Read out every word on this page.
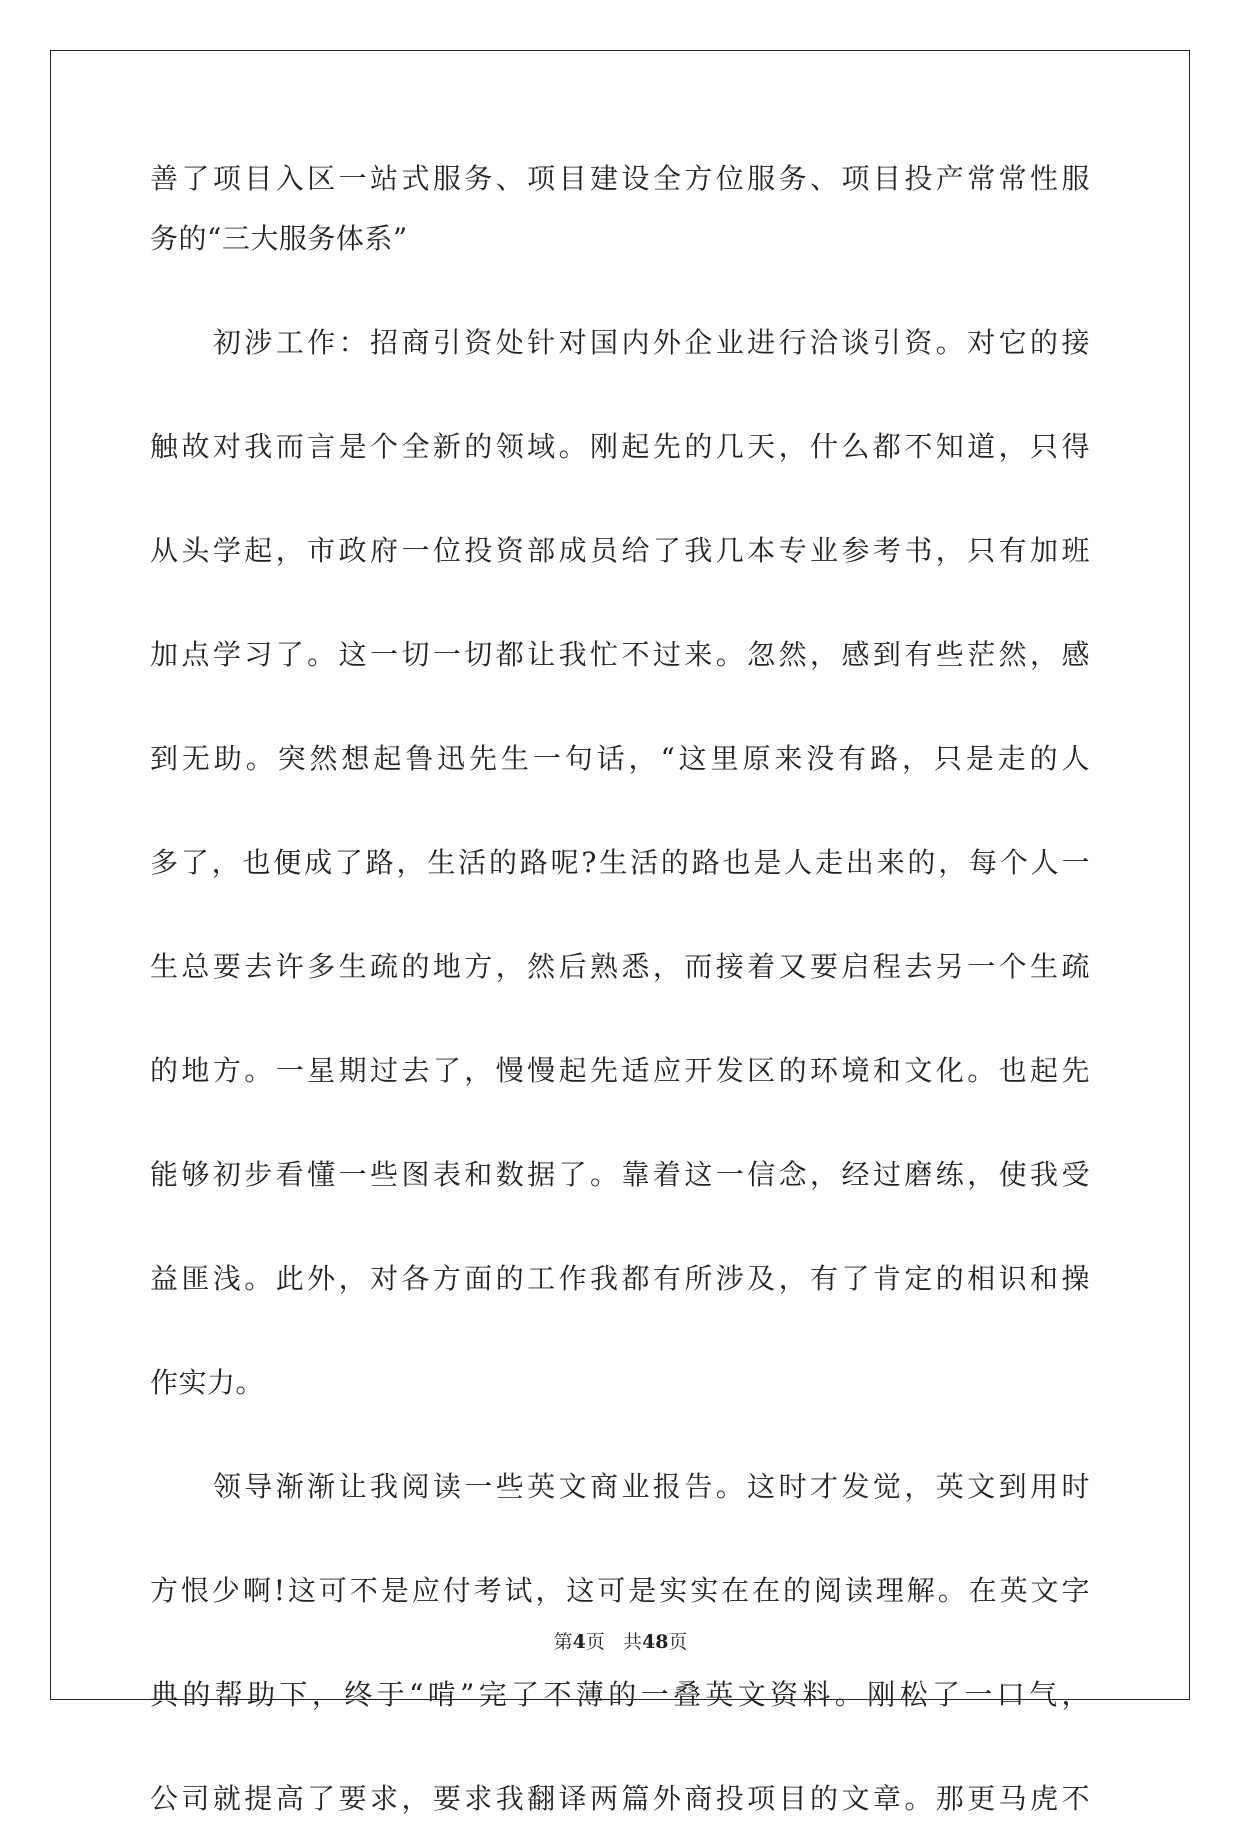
善了项目入区一站式服务、项目建设全方位服务、项目投产常常性服
务的“三大服务体系”
　　初涉工作：招商引资处针对国内外企业进行洽谈引资。对它的接
触故对我而言是个全新的领域。刚起先的几天，什么都不知道，只得
从头学起，市政府一位投资部成员给了我几本专业参考书，只有加班
加点学习了。这一切一切都让我忙不过来。忽然，感到有些茫然，感
到无助。突然想起鲁迅先生一句话，“这里原来没有路，只是走的人
多了，也便成了路，生活的路呢?生活的路也是人走出来的，每个人一
生总要去许多生疏的地方，然后熟悉，而接着又要启程去另一个生疏
的地方。一星期过去了，慢慢起先适应开发区的环境和文化。也起先
能够初步看懂一些图表和数据了。靠着这一信念，经过磨练，使我受
益匪浅。此外，对各方面的工作我都有所涉及，有了肯定的相识和操
作实力。
　　领导渐渐让我阅读一些英文商业报告。这时才发觉，英文到用时
方恨少啊!这可不是应付考试，这可是实实在在的阅读理解。在英文字
典的帮助下，终于“啃”完了不薄的一叠英文资料。刚松了一口气，
公司就提高了要求，要求我翻译两篇外商投项目的文章。那更马虎不
第4页 共48页
